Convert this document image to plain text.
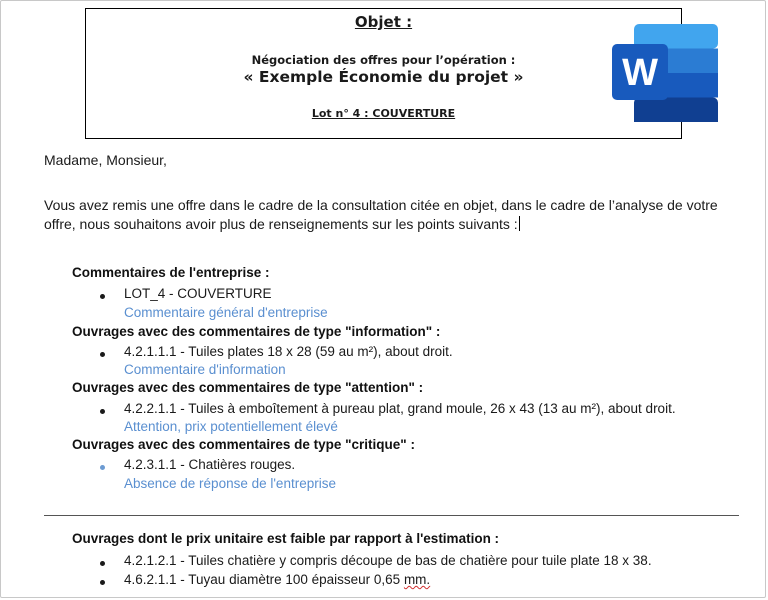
Objet :
Négociation des offres pour l’opération :
« Exemple Économie du projet »
Lot n° 4 : COUVERTURE
W
Madame, Monsieur,
Vous avez remis une offre dans le cadre de la consultation citée en objet, dans le cadre de l’analyse de votre offre, nous souhaitons avoir plus de renseignements sur les points suivants :
Commentaires de l'entreprise :
LOT_4 - COUVERTURE
Commentaire général d'entreprise
Ouvrages avec des commentaires de type "information" :
4.2.1.1.1 - Tuiles plates 18 x 28 (59 au m²), about droit.
Commentaire d'information
Ouvrages avec des commentaires de type "attention" :
4.2.2.1.1 - Tuiles à emboîtement à pureau plat, grand moule, 26 x 43 (13 au m²), about droit.
Attention, prix potentiellement élevé
Ouvrages avec des commentaires de type "critique" :
4.2.3.1.1 - Chatières rouges.
Absence de réponse de l'entreprise
Ouvrages dont le prix unitaire est faible par rapport à l'estimation :
4.2.1.2.1 - Tuiles chatière y compris découpe de bas de chatière pour tuile plate 18 x 38.
4.6.2.1.1 - Tuyau diamètre 100 épaisseur 0,65 mm.
